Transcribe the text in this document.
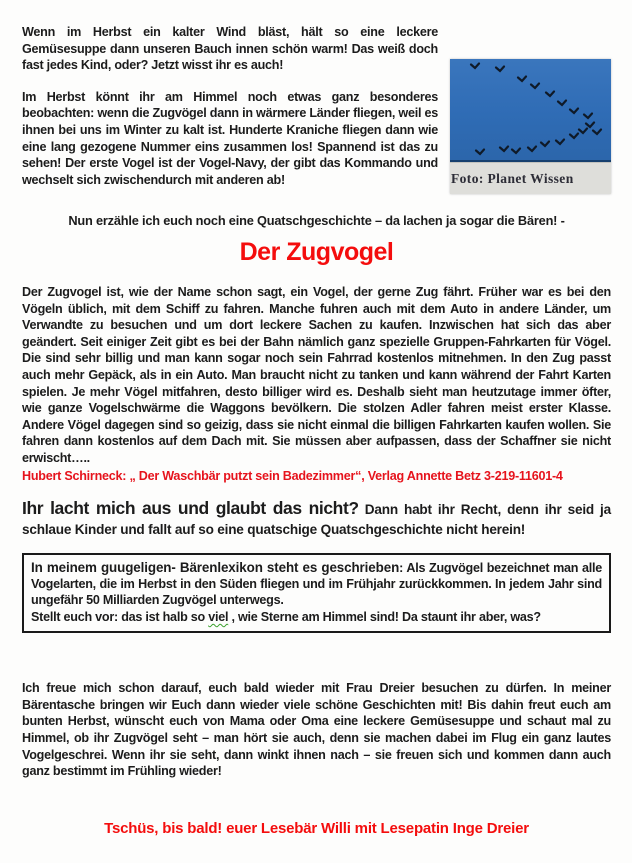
Foto: Planet Wissen

Wenn im Herbst ein kalter Wind bläst, hält so eine leckere Gemüsesuppe dann unseren Bauch innen schön warm! Das weiß doch fast jedes Kind, oder? Jetzt wisst ihr es auch!

Im Herbst könnt ihr am Himmel noch etwas ganz besonderes beobachten: wenn die Zugvögel dann in wärmere Länder fliegen, weil es ihnen bei uns im Winter zu kalt ist. Hunderte Kraniche fliegen dann wie eine lang gezogene Nummer eins zusammen los! Spannend ist das zu sehen! Der erste Vogel ist der Vogel-Navy, der gibt das Kommando und wechselt sich zwischendurch mit anderen ab!

Nun erzähle ich euch noch eine Quatschgeschichte – da lachen ja sogar die Bären! -

Der Zugvogel

Der Zugvogel ist, wie der Name schon sagt, ein Vogel, der gerne Zug fährt. Früher war es bei den Vögeln üblich, mit dem Schiff zu fahren. Manche fuhren auch mit dem Auto in andere Länder, um Verwandte zu besuchen und um dort leckere Sachen zu kaufen. Inzwischen hat sich das aber geändert. Seit einiger Zeit gibt es bei der Bahn nämlich ganz spezielle Gruppen-Fahrkarten für Vögel. Die sind sehr billig und man kann sogar noch sein Fahrrad kostenlos mitnehmen. In den Zug passt auch mehr Gepäck, als in ein Auto. Man braucht nicht zu tanken und kann während der Fahrt Karten spielen. Je mehr Vögel mitfahren, desto billiger wird es. Deshalb sieht man heutzutage immer öfter, wie ganze Vogelschwärme die Waggons bevölkern. Die stolzen Adler fahren meist erster Klasse. Andere Vögel dagegen sind so geizig, dass sie nicht einmal die billigen Fahrkarten kaufen wollen. Sie fahren dann kostenlos auf dem Dach mit. Sie müssen aber aufpassen, dass der Schaffner sie nicht erwischt…..

Hubert Schirneck: „ Der Waschbär putzt sein Badezimmer“, Verlag Annette Betz 3-219-11601-4

Ihr lacht mich aus und glaubt das nicht? Dann habt ihr Recht, denn ihr seid ja schlaue Kinder und fallt auf so eine quatschige Quatschgeschichte nicht herein!

In meinem guugeligen- Bärenlexikon steht es geschrieben: Als Zugvögel bezeichnet man alle Vogelarten, die im Herbst in den Süden fliegen und im Frühjahr zurückkommen. In jedem Jahr sind ungefähr 50 Milliarden Zugvögel unterwegs.
Stellt euch vor: das ist halb so viel , wie Sterne am Himmel sind! Da staunt ihr aber, was?

Ich freue mich schon darauf, euch bald wieder mit Frau Dreier besuchen zu dürfen. In meiner Bärentasche bringen wir Euch dann wieder viele schöne Geschichten mit! Bis dahin freut euch am bunten Herbst, wünscht euch von Mama oder Oma eine leckere Gemüsesuppe und schaut mal zu Himmel, ob ihr Zugvögel seht – man hört sie auch, denn sie machen dabei im Flug ein ganz lautes Vogelgeschrei. Wenn ihr sie seht, dann winkt ihnen nach – sie freuen sich und kommen dann auch ganz bestimmt im Frühling wieder!

Tschüs, bis bald! euer Lesebär Willi mit Lesepatin Inge Dreier
